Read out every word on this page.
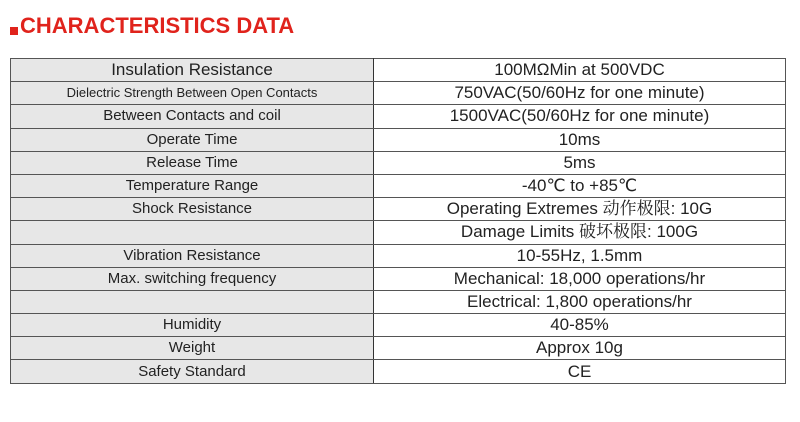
CHARACTERISTICS DATA
Insulation Resistance	100MΩMin at 500VDC
Dielectric Strength Between Open Contacts	750VAC(50/60Hz for one minute)
Between Contacts and coil	1500VAC(50/60Hz for one minute)
Operate Time	10ms
Release Time	5ms
Temperature Range	-40℃ to +85℃
Shock Resistance	Operating Extremes 动作极限: 10G
	Damage Limits 破坏极限: 100G
Vibration Resistance	10-55Hz, 1.5mm
Max. switching frequency	Mechanical: 18,000 operations/hr
	Electrical: 1,800 operations/hr
Humidity	40-85%
Weight	Approx 10g
Safety Standard	CE
